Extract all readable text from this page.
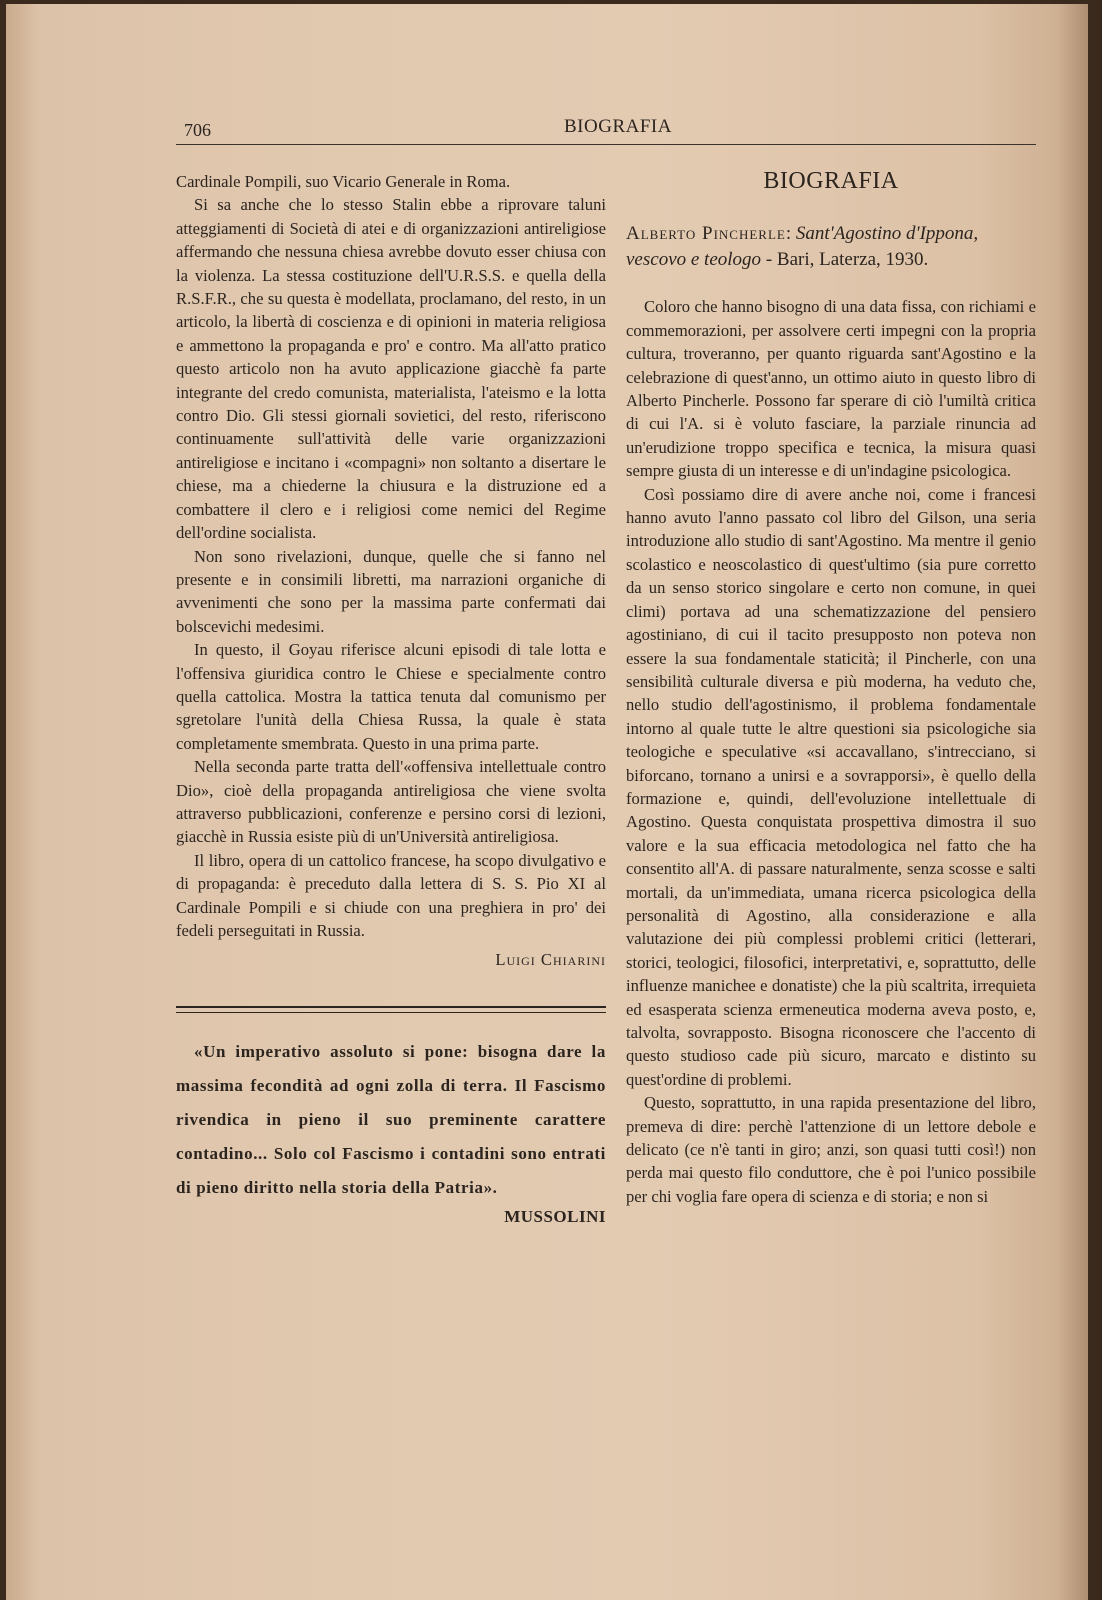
706	BIOGRAFIA

Cardinale Pompili, suo Vicario Generale in Roma.

Si sa anche che lo stesso Stalin ebbe a riprovare taluni atteggiamenti di Società di atei e di organizzazioni antireligiose affermando che nessuna chiesa avrebbe dovuto esser chiusa con la violenza. La stessa costituzione dell'U.R.S.S. e quella della R.S.F.R., che su questa è modellata, proclamano, del resto, in un articolo, la libertà di coscienza e di opinioni in materia religiosa e ammettono la propaganda e pro' e contro. Ma all'atto pratico questo articolo non ha avuto applicazione giacchè fa parte integrante del credo comunista, materialista, l'ateismo e la lotta contro Dio. Gli stessi giornali sovietici, del resto, riferiscono continuamente sull'attività delle varie organizzazioni antireligiose e incitano i «compagni» non soltanto a disertare le chiese, ma a chiederne la chiusura e la distruzione ed a combattere il clero e i religiosi come nemici del Regime dell'ordine socialista.

Non sono rivelazioni, dunque, quelle che si fanno nel presente e in consimili libretti, ma narrazioni organiche di avvenimenti che sono per la massima parte confermati dai bolscevichi medesimi.

In questo, il Goyau riferisce alcuni episodi di tale lotta e l'offensiva giuridica contro le Chiese e specialmente contro quella cattolica. Mostra la tattica tenuta dal comunismo per sgretolare l'unità della Chiesa Russa, la quale è stata completamente smembrata. Questo in una prima parte.

Nella seconda parte tratta dell'«offensiva intellettuale contro Dio», cioè della propaganda antireligiosa che viene svolta attraverso pubblicazioni, conferenze e persino corsi di lezioni, giacchè in Russia esiste più di un'Università antireligiosa.

Il libro, opera di un cattolico francese, ha scopo divulgativo e di propaganda: è preceduto dalla lettera di S. S. Pio XI al Cardinale Pompili e si chiude con una preghiera in pro' dei fedeli perseguitati in Russia.

Luigi Chiarini
«Un imperativo assoluto si pone: bisogna dare la massima fecondità ad ogni zolla di terra. Il Fascismo rivendica in pieno il suo preminente carattere contadino... Solo col Fascismo i contadini sono entrati di pieno diritto nella storia della Patria».
MUSSOLINI
BIOGRAFIA
Alberto Pincherle: Sant'Agostino d'Ippona, vescovo e teologo - Bari, Laterza, 1930.

Coloro che hanno bisogno di una data fissa, con richiami e commemorazioni, per assolvere certi impegni con la propria cultura, troveranno, per quanto riguarda sant'Agostino e la celebrazione di quest'anno, un ottimo aiuto in questo libro di Alberto Pincherle. Possono far sperare di ciò l'umiltà critica di cui l'A. si è voluto fasciare, la parziale rinuncia ad un'erudizione troppo specifica e tecnica, la misura quasi sempre giusta di un interesse e di un'indagine psicologica.

Così possiamo dire di avere anche noi, come i francesi hanno avuto l'anno passato col libro del Gilson, una seria introduzione allo studio di sant'Agostino. Ma mentre il genio scolastico e neoscolastico di quest'ultimo (sia pure corretto da un senso storico singolare e certo non comune, in quei climi) portava ad una schematizzazione del pensiero agostiniano, di cui il tacito presupposto non poteva non essere la sua fondamentale staticità; il Pincherle, con una sensibilità culturale diversa e più moderna, ha veduto che, nello studio dell'agostinismo, il problema fondamentale intorno al quale tutte le altre questioni sia psicologiche sia teologiche e speculative «si accavallano, s'intrecciano, si biforcano, tornano a unirsi e a sovrapporsi», è quello della formazione e, quindi, dell'evoluzione intellettuale di Agostino. Questa conquistata prospettiva dimostra il suo valore e la sua efficacia metodologica nel fatto che ha consentito all'A. di passare naturalmente, senza scosse e salti mortali, da un'immediata, umana ricerca psicologica della personalità di Agostino, alla considerazione e alla valutazione dei più complessi problemi critici (letterari, storici, teologici, filosofici, interpretativi, e, soprattutto, delle influenze manichee e donatiste) che la più scaltrita, irrequieta ed esasperata scienza ermeneutica moderna aveva posto, e, talvolta, sovrapposto. Bisogna riconoscere che l'accento di questo studioso cade più sicuro, marcato e distinto su quest'ordine di problemi.

Questo, soprattutto, in una rapida presentazione del libro, premeva di dire: perchè l'attenzione di un lettore debole e delicato (ce n'è tanti in giro; anzi, son quasi tutti così!) non perda mai questo filo conduttore, che è poi l'unico possibile per chi voglia fare opera di scienza e di storia; e non si
